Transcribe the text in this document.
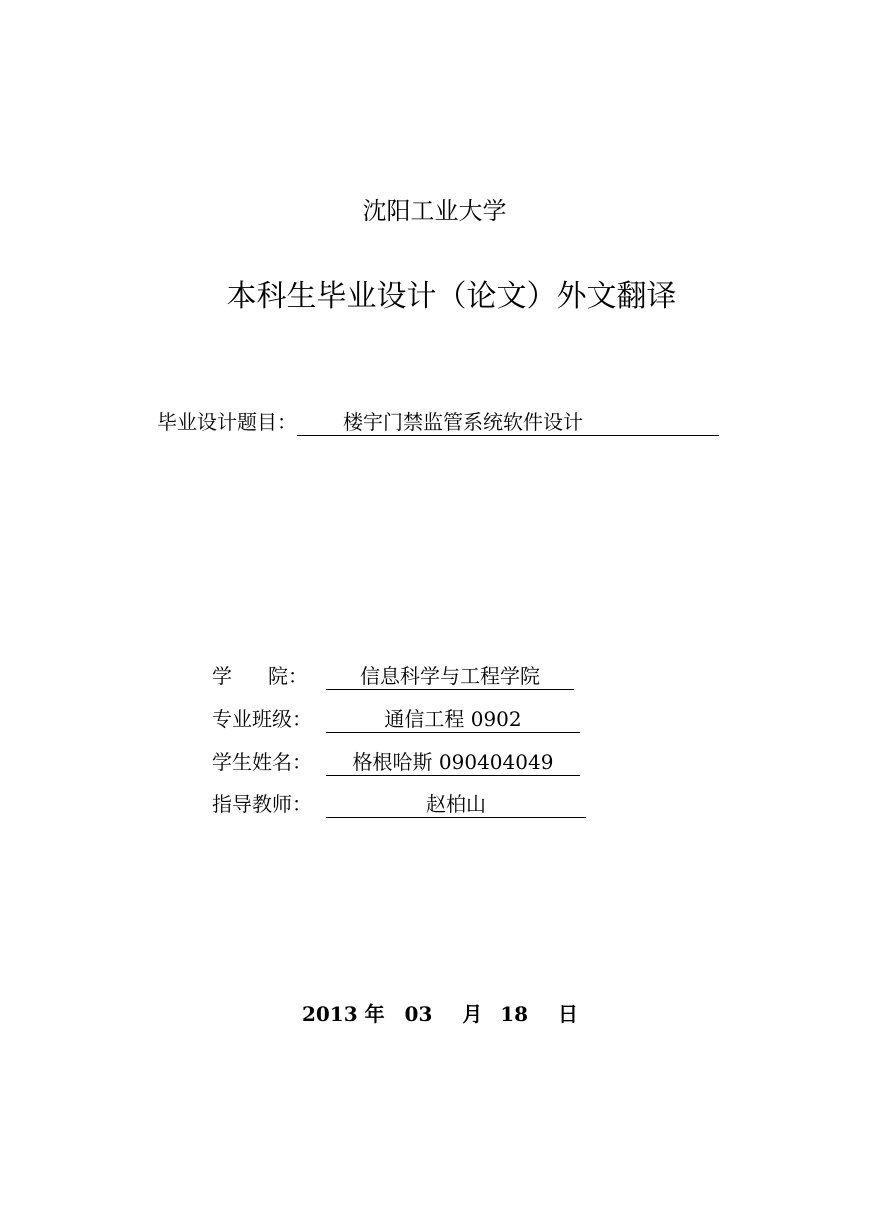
沈阳工业大学
本科生毕业设计（论文）外文翻译
毕业设计题目：	楼宇门禁监管系统软件设计
学 院：	信息科学与工程学院
专业班级：	通信工程 0902
学生姓名：	格根哈斯 090404049
指导教师：	赵柏山
2013 年 03 月 18 日
